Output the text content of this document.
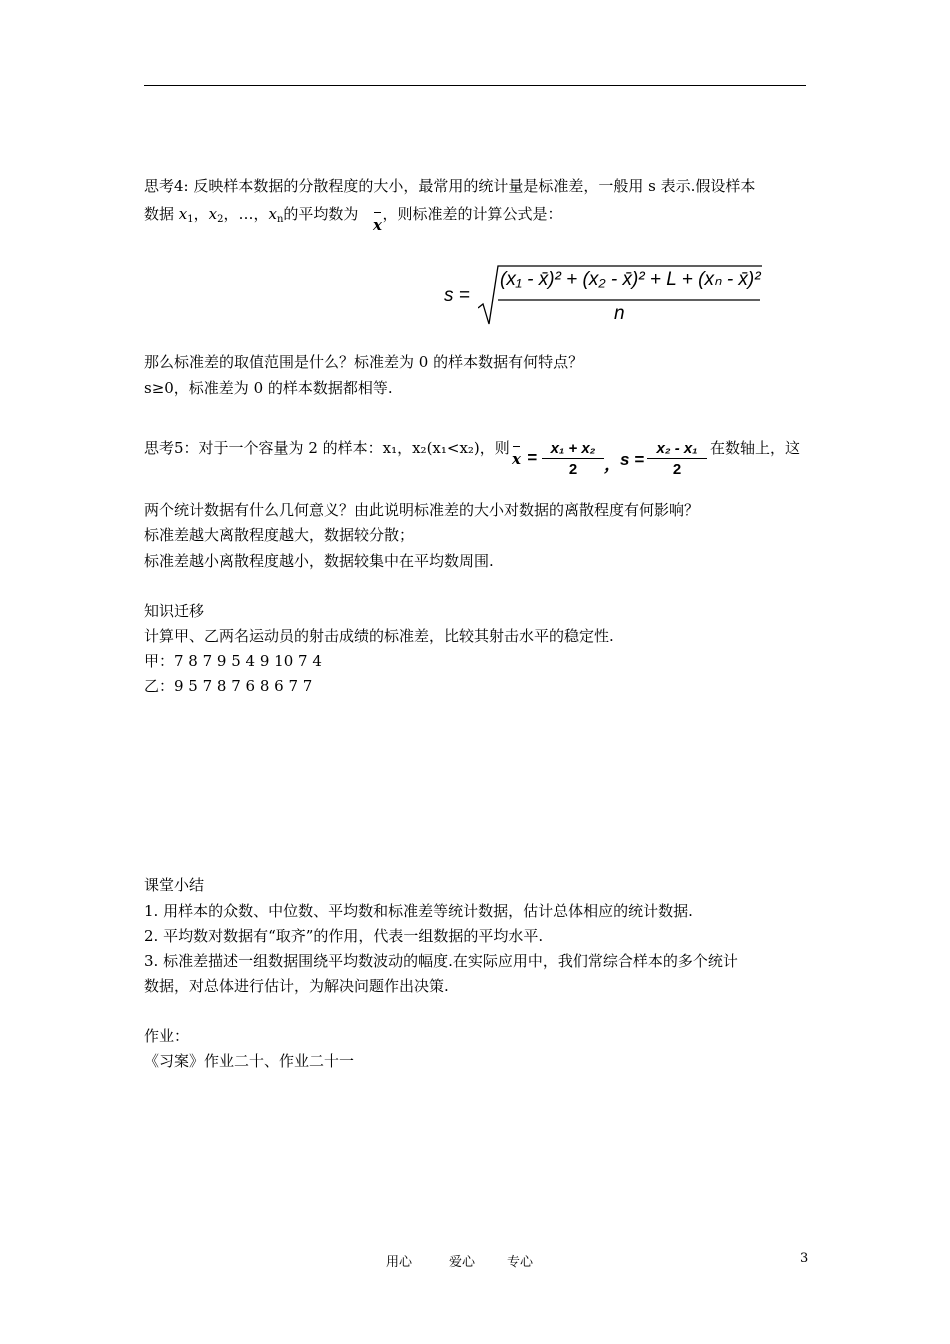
思考4: 反映样本数据的分散程度的大小，最常用的统计量是标准差，一般用 s 表示.假设样本
数据 $x_1$，$x_2$，…，$x_n$的平均数为 ，则标准差的计算公式是：
x
s =
(x₁ - x̄)² + (x₂ - x̄)² + L + (xₙ - x̄)²
n
那么标准差的取值范围是什么？标准差为 0 的样本数据有何特点？
s≥0，标准差为 0 的样本数据都相等.
思考5：对于一个容量为 2 的样本：x₁，x₂(x₁<x₂)，则
$x = \frac{\text{x₁ + x₂}}{2}$ ， $s = \frac{\text{x₂ - x₁}}{2}$ 在数轴上，这
两个统计数据有什么几何意义？由此说明标准差的大小对数据的离散程度有何影响？
标准差越大离散程度越大，数据较分散；
标准差越小离散程度越小，数据较集中在平均数周围.
知识迁移
计算甲、乙两名运动员的射击成绩的标准差，比较其射击水平的稳定性.
甲：7 8 7 9 5 4 9 10 7 4
乙：9 5 7 8 7 6 8 6 7 7
课堂小结
1. 用样本的众数、中位数、平均数和标准差等统计数据，估计总体相应的统计数据.
2. 平均数对数据有“取齐”的作用，代表一组数据的平均水平.
3. 标准差描述一组数据围绕平均数波动的幅度.在实际应用中，我们常综合样本的多个统计
数据，对总体进行估计，为解决问题作出决策.
作业：
《习案》作业二十、作业二十一
用心	爱心 专心	3
